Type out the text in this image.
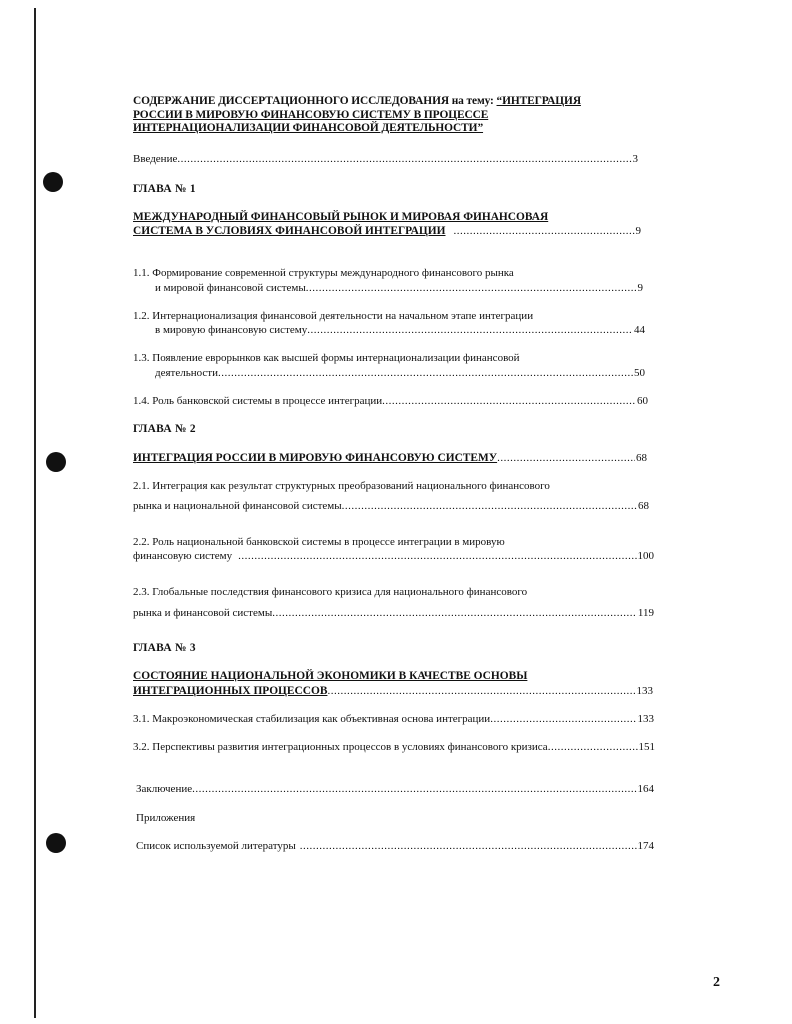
СОДЕРЖАНИЕ ДИССЕРТАЦИОННОГО ИССЛЕДОВАНИЯ на тему: “ИНТЕГРАЦИЯ
РОССИИ В МИРОВУЮ ФИНАНСОВУЮ СИСТЕМУ В ПРОЦЕССЕ
ИНТЕРНАЦИОНАЛИЗАЦИИ ФИНАНСОВОЙ ДЕЯТЕЛЬНОСТИ”
Введение .....	3
ГЛАВА № 1
МЕЖДУНАРОДНЫЙ ФИНАНСОВЫЙ РЫНОК И МИРОВАЯ ФИНАНСОВАЯ
СИСТЕМА В УСЛОВИЯХ ФИНАНСОВОЙ ИНТЕГРАЦИИ .....	9
1.1. Формирование современной структуры международного финансового рынка
и мировой финансовой системы .....	9
1.2. Интернационализация финансовой деятельности на начальном этапе интеграции
в мировую финансовую систему .....	44
1.3. Появление еврорынков как высшей формы интернационализации финансовой
деятельности .....	50
1.4. Роль банковской системы в процессе интеграции .....	60
ГЛАВА № 2
ИНТЕГРАЦИЯ РОССИИ В МИРОВУЮ ФИНАНСОВУЮ СИСТЕМУ .....	68
2.1. Интеграция как результат структурных преобразований национального финансового
рынка и национальной финансовой системы .....	68
2.2. Роль национальной банковской системы в процессе интеграции в мировую
финансовую систему .....	100
2.3. Глобальные последствия финансового кризиса для национального финансового
рынка и финансовой системы .....	119
ГЛАВА № 3
СОСТОЯНИЕ НАЦИОНАЛЬНОЙ ЭКОНОМИКИ В КАЧЕСТВЕ ОСНОВЫ
ИНТЕГРАЦИОННЫХ ПРОЦЕССОВ .....	133
3.1. Макроэкономическая стабилизация как объективная основа интеграции .....	133
3.2. Перспективы развития интеграционных процессов в условиях финансового кризиса .....	151
Заключение .....	164
Приложения
Список используемой литературы .....	174
2
